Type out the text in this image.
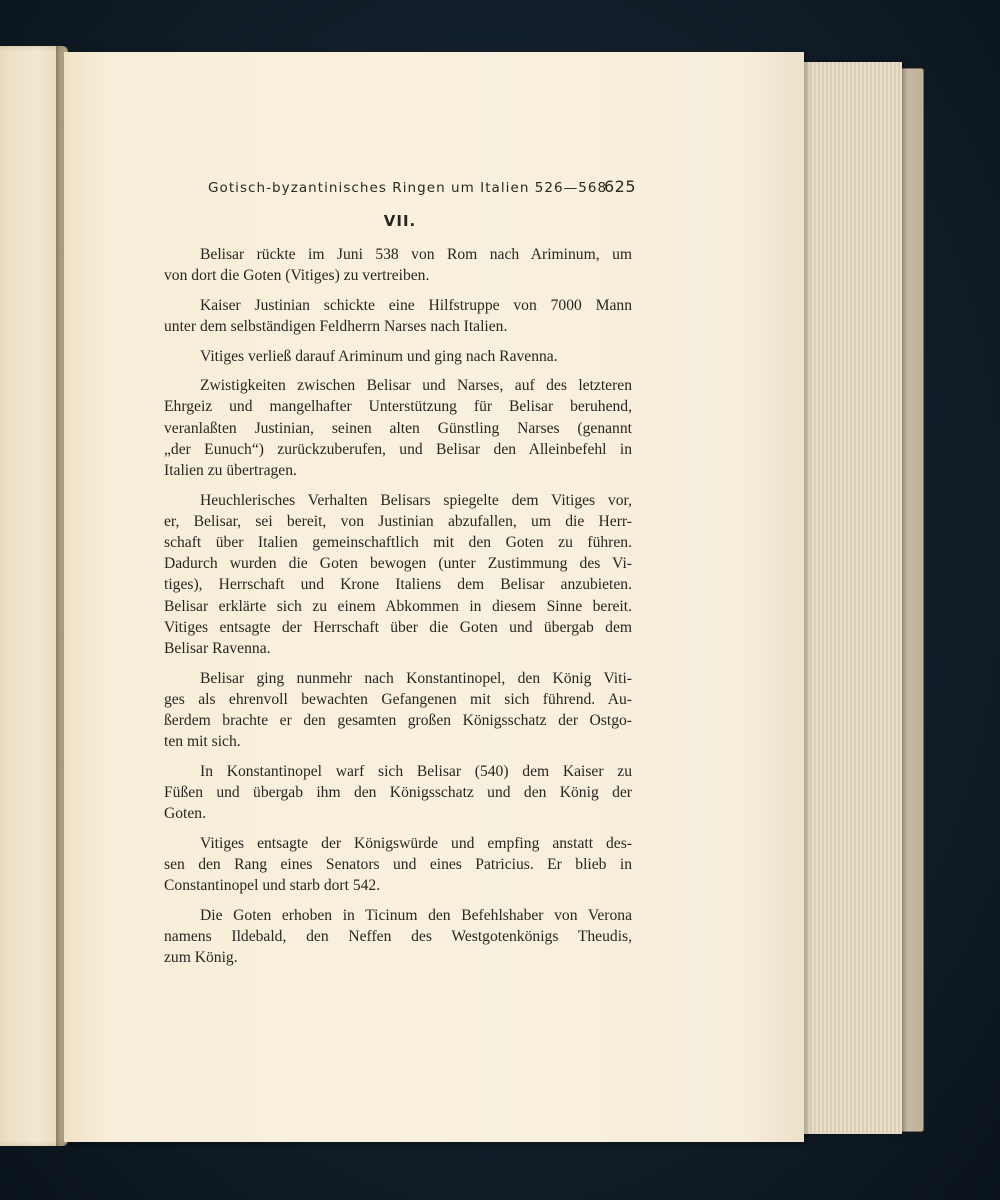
Gotisch-byzantinisches Ringen um Italien 526—568
625
VII.
Belisar rückte im Juni 538 von Rom nach Ariminum, um
von dort die Goten (Vitiges) zu vertreiben.
Kaiser Justinian schickte eine Hilfstruppe von 7000 Mann
unter dem selbständigen Feldherrn Narses nach Italien.
Vitiges verließ darauf Ariminum und ging nach Ravenna.
Zwistigkeiten zwischen Belisar und Narses, auf des letzteren
Ehrgeiz und mangelhafter Unterstützung für Belisar beruhend,
veranlaßten Justinian, seinen alten Günstling Narses (genannt
„der Eunuch“) zurückzuberufen, und Belisar den Alleinbefehl in
Italien zu übertragen.
Heuchlerisches Verhalten Belisars spiegelte dem Vitiges vor,
er, Belisar, sei bereit, von Justinian abzufallen, um die Herr-
schaft über Italien gemeinschaftlich mit den Goten zu führen.
Dadurch wurden die Goten bewogen (unter Zustimmung des Vi-
tiges), Herrschaft und Krone Italiens dem Belisar anzubieten.
Belisar erklärte sich zu einem Abkommen in diesem Sinne bereit.
Vitiges entsagte der Herrschaft über die Goten und übergab dem
Belisar Ravenna.
Belisar ging nunmehr nach Konstantinopel, den König Viti-
ges als ehrenvoll bewachten Gefangenen mit sich führend. Au-
ßerdem brachte er den gesamten großen Königsschatz der Ostgo-
ten mit sich.
In Konstantinopel warf sich Belisar (540) dem Kaiser zu
Füßen und übergab ihm den Königsschatz und den König der
Goten.
Vitiges entsagte der Königswürde und empfing anstatt des-
sen den Rang eines Senators und eines Patricius. Er blieb in
Constantinopel und starb dort 542.
Die Goten erhoben in Ticinum den Befehlshaber von Verona
namens Ildebald, den Neffen des Westgotenkönigs Theudis,
zum König.
